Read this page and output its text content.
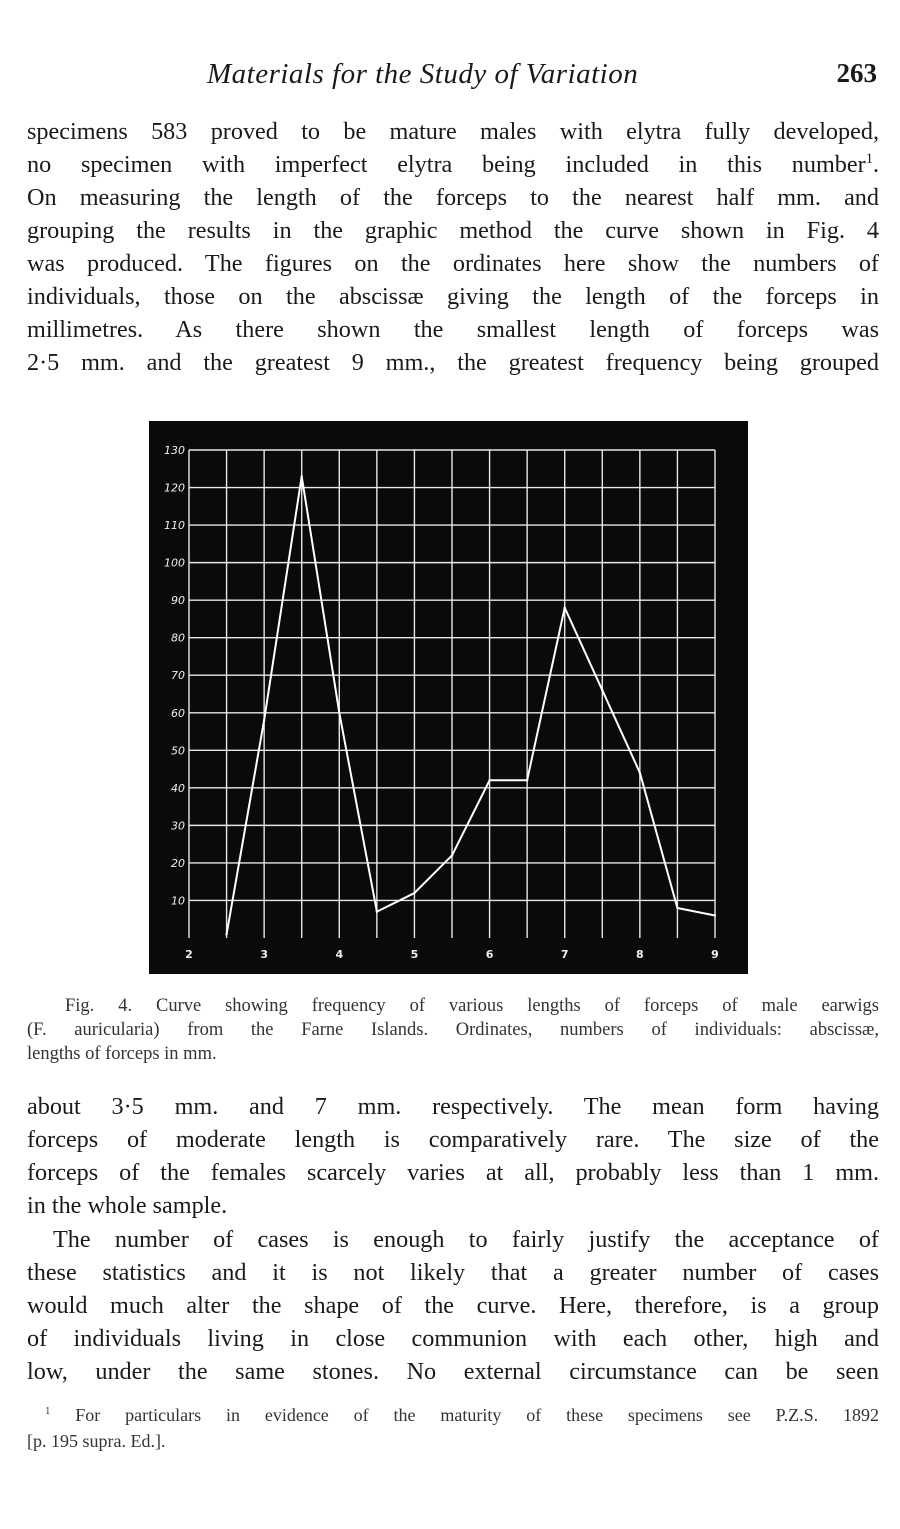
Materials for the Study of Variation	263
specimens 583 proved to be mature males with elytra fully developed,
no specimen with imperfect elytra being included in this number$^1$.
On measuring the length of the forceps to the nearest half mm. and
grouping the results in the graphic method the curve shown in Fig. 4
was produced. The figures on the ordinates here show the numbers of
individuals, those on the abscissæ giving the length of the forceps in
millimetres. As there shown the smallest length of forceps was
2·5 mm. and the greatest 9 mm., the greatest frequency being grouped
10
20
30
40
50
60
70
80
90
100
110
120
130
2	3	4	5	6	7	8	9
Fig. 4. Curve showing frequency of various lengths of forceps of male earwigs
(F. auricularia) from the Farne Islands. Ordinates, numbers of individuals: abscissæ,
lengths of forceps in mm.
about 3·5 mm. and 7 mm. respectively. The mean form having
forceps of moderate length is comparatively rare. The size of the
forceps of the females scarcely varies at all, probably less than 1 mm.
in the whole sample.
The number of cases is enough to fairly justify the acceptance of
these statistics and it is not likely that a greater number of cases
would much alter the shape of the curve. Here, therefore, is a group
of individuals living in close communion with each other, high and
low, under the same stones. No external circumstance can be seen
$^1$ For particulars in evidence of the maturity of these specimens see P.Z.S. 1892
[p. 195 supra. Ed.].
